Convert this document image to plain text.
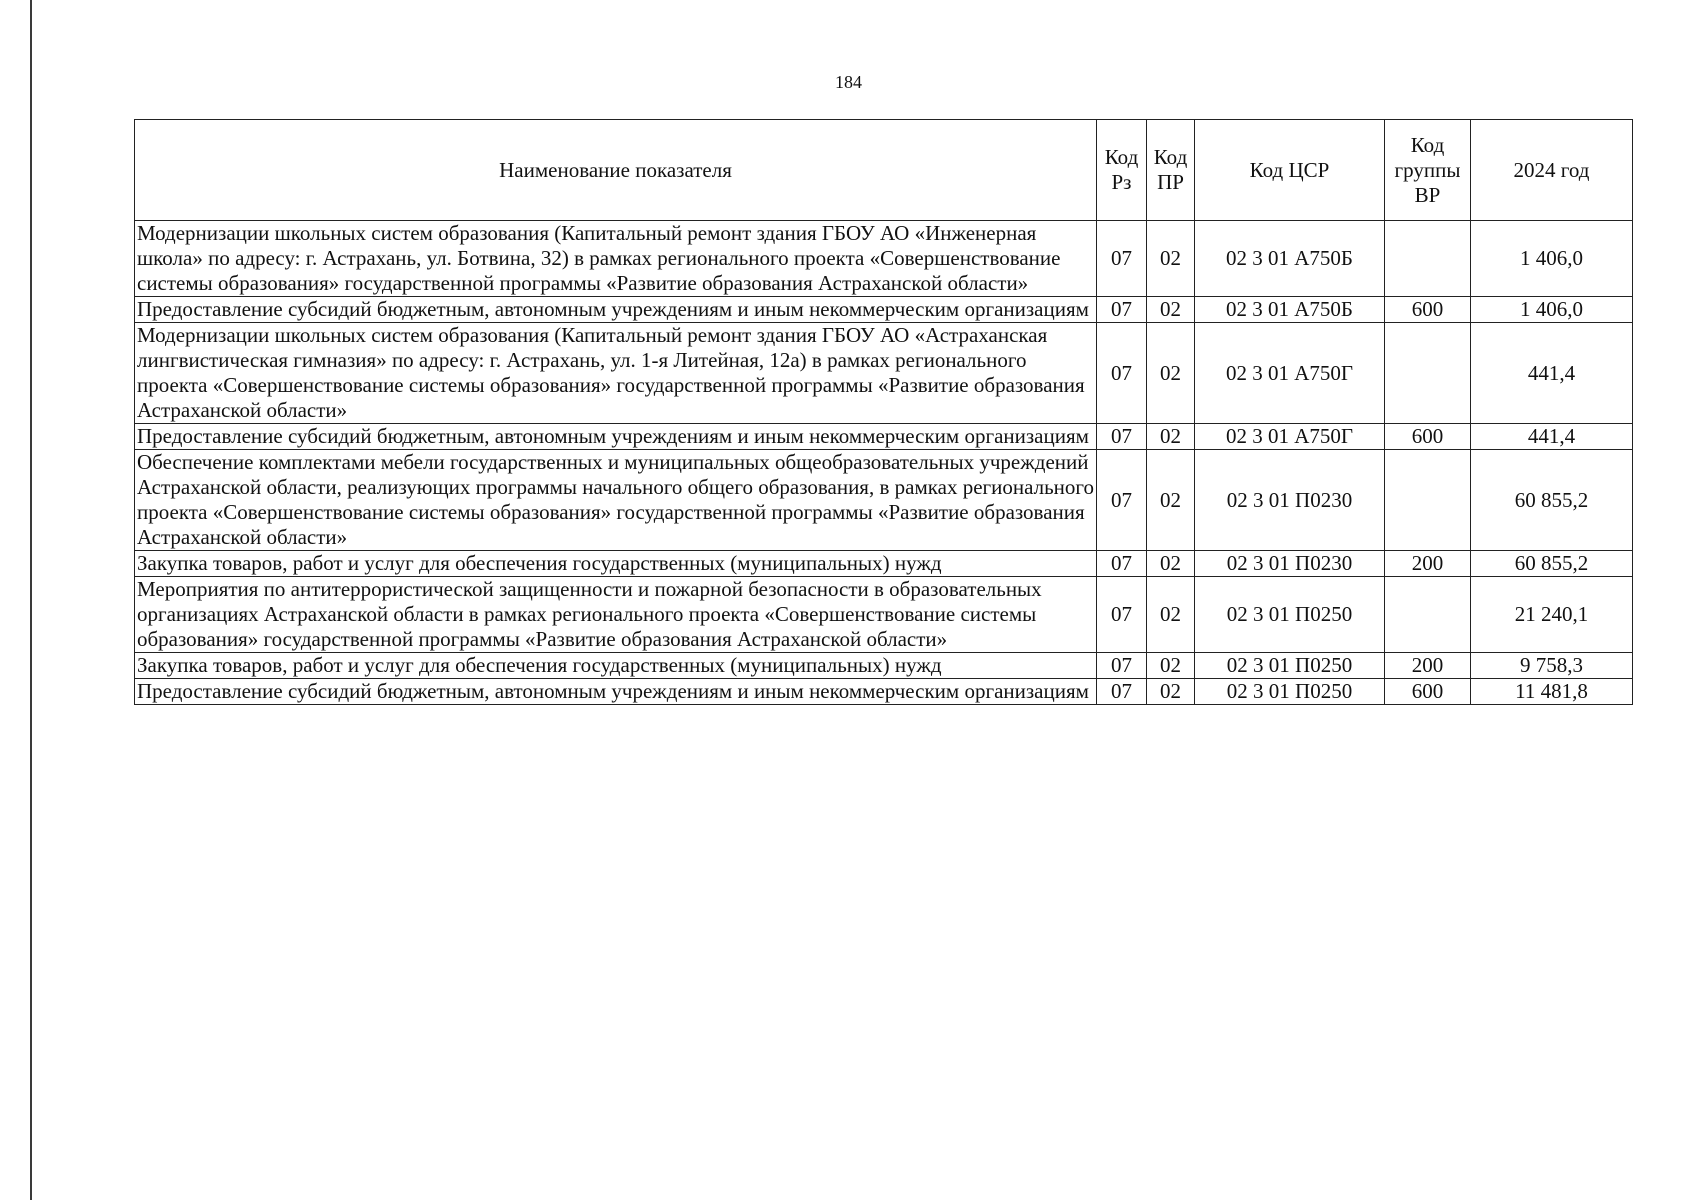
184
Наименование показателя	Код Рз	Код ПР	Код ЦСР	Код группы ВР	2024 год
Модернизации школьных систем образования (Капитальный ремонт здания ГБОУ АО «Инженерная школа» по адресу: г. Астрахань, ул. Ботвина, 32) в рамках регионального проекта «Совершенствование системы образования» государственной программы «Развитие образования Астраханской области»	07	02	02 3 01 А750Б		1 406,0
Предоставление субсидий бюджетным, автономным учреждениям и иным некоммерческим организациям	07	02	02 3 01 А750Б	600	1 406,0
Модернизации школьных систем образования (Капитальный ремонт здания ГБОУ АО «Астраханская лингвистическая гимназия» по адресу: г. Астрахань, ул. 1-я Литейная, 12а) в рамках регионального проекта «Совершенствование системы образования» государственной программы «Развитие образования Астраханской области»	07	02	02 3 01 А750Г		441,4
Предоставление субсидий бюджетным, автономным учреждениям и иным некоммерческим организациям	07	02	02 3 01 А750Г	600	441,4
Обеспечение комплектами мебели государственных и муниципальных общеобразовательных учреждений Астраханской области, реализующих программы начального общего образования, в рамках регионального проекта «Совершенствование системы образования» государственной программы «Развитие образования Астраханской области»	07	02	02 3 01 П0230		60 855,2
Закупка товаров, работ и услуг для обеспечения государственных (муниципальных) нужд	07	02	02 3 01 П0230	200	60 855,2
Мероприятия по антитеррористической защищенности и пожарной безопасности в образовательных организациях Астраханской области в рамках регионального проекта «Совершенствование системы образования» государственной программы «Развитие образования Астраханской области»	07	02	02 3 01 П0250		21 240,1
Закупка товаров, работ и услуг для обеспечения государственных (муниципальных) нужд	07	02	02 3 01 П0250	200	9 758,3
Предоставление субсидий бюджетным, автономным учреждениям и иным некоммерческим организациям	07	02	02 3 01 П0250	600	11 481,8
